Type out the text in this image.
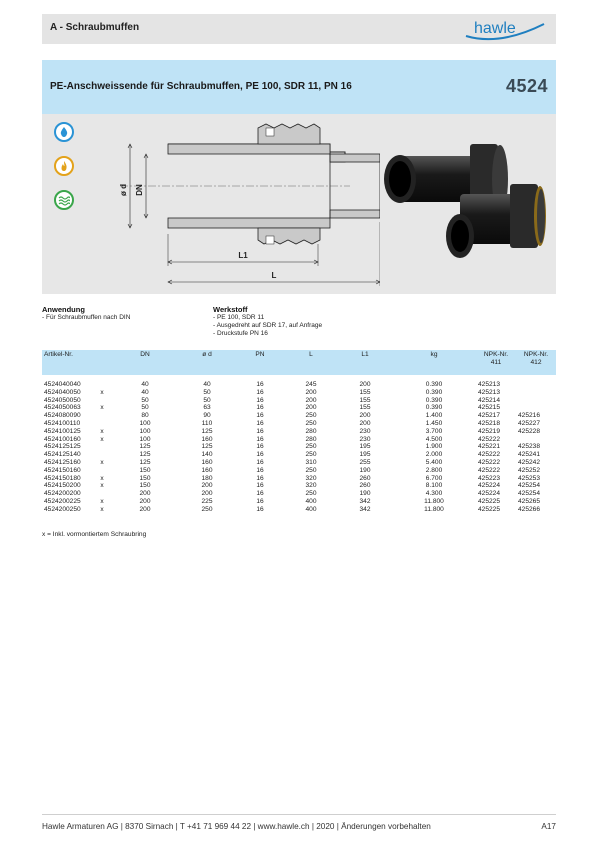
A - Schraubmuffen	hawle
PE-Anschweissende für Schraubmuffen, PE 100, SDR 11, PN 16	4524
DN
ø d
L1
L
Anwendung
- Für Schraubmuffen nach DIN
Werkstoff
- PE 100, SDR 11
- Ausgedreht auf SDR 17, auf Anfrage
- Druckstufe PN 16
Artikel-Nr.		DN	ø d	PN	L	L1	kg	NPK-Nr.
411	NPK-Nr.
412

4524040040		40	40	16	245	200	0.390	425213	
4524040050	x	40	50	16	200	155	0.390	425213	
4524050050		50	50	16	200	155	0.390	425214	
4524050063	x	50	63	16	200	155	0.390	425215	
4524080090		80	90	16	250	200	1.400	425217	425216
4524100110		100	110	16	250	200	1.450	425218	425227
4524100125	x	100	125	16	280	230	3.700	425219	425228
4524100160	x	100	160	16	280	230	4.500	425222	
4524125125		125	125	16	250	195	1.900	425221	425238
4524125140		125	140	16	250	195	2.000	425222	425241
4524125160	x	125	160	16	310	255	5.400	425222	425242
4524150160		150	160	16	250	190	2.800	425222	425252
4524150180	x	150	180	16	320	260	6.700	425223	425253
4524150200	x	150	200	16	320	260	8.100	425224	425254
4524200200		200	200	16	250	190	4.300	425224	425254
4524200225	x	200	225	16	400	342	11.800	425225	425265
4524200250	x	200	250	16	400	342	11.800	425225	425266
x = Inkl. vormontiertem Schraubring
Hawle Armaturen AG | 8370 Sirnach | T +41 71 969 44 22 | www.hawle.ch | 2020 | Änderungen vorbehalten	A17
